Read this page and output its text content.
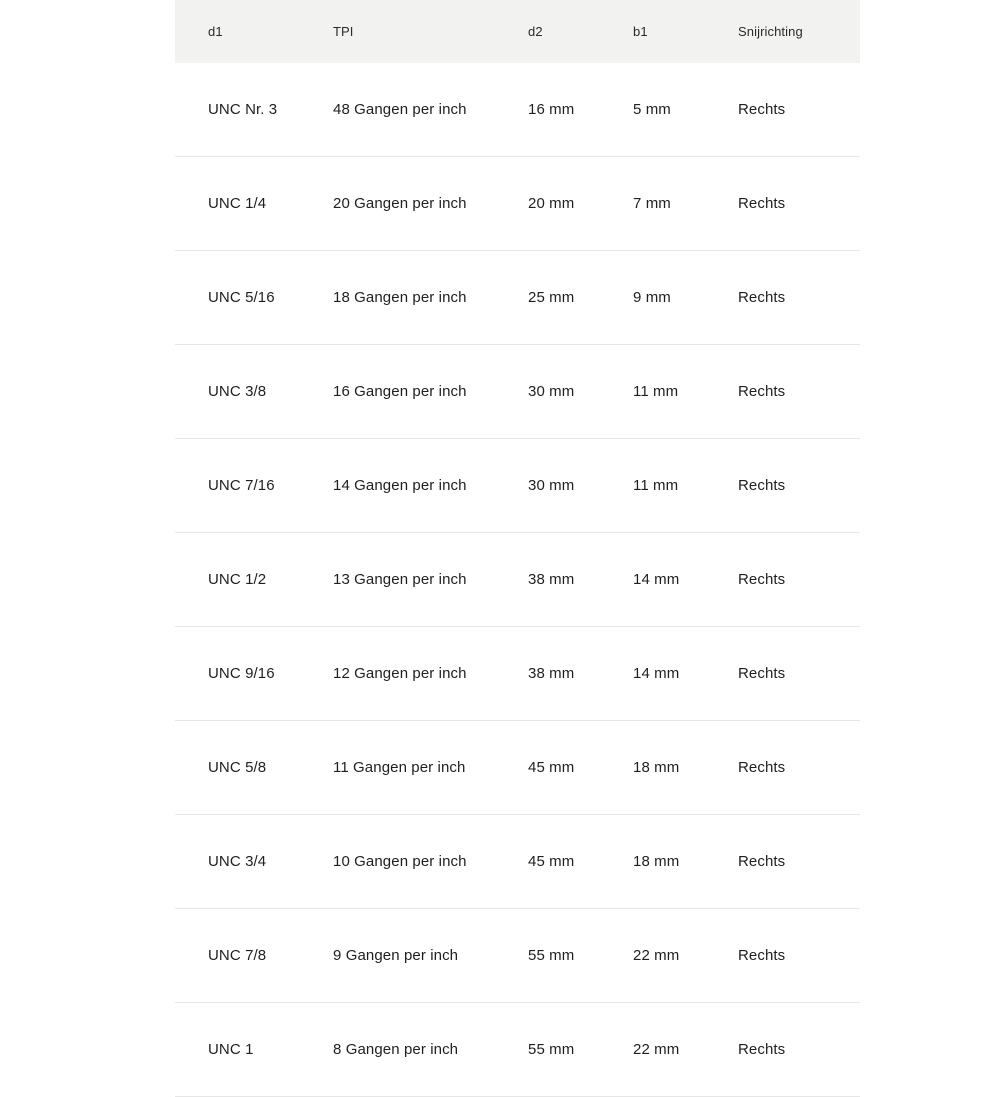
d1	TPI	d2	b1	Snijrichting
UNC Nr. 3	48 Gangen per inch	16 mm	5 mm	Rechts
UNC 1/4	20 Gangen per inch	20 mm	7 mm	Rechts
UNC 5/16	18 Gangen per inch	25 mm	9 mm	Rechts
UNC 3/8	16 Gangen per inch	30 mm	11 mm	Rechts
UNC 7/16	14 Gangen per inch	30 mm	11 mm	Rechts
UNC 1/2	13 Gangen per inch	38 mm	14 mm	Rechts
UNC 9/16	12 Gangen per inch	38 mm	14 mm	Rechts
UNC 5/8	11 Gangen per inch	45 mm	18 mm	Rechts
UNC 3/4	10 Gangen per inch	45 mm	18 mm	Rechts
UNC 7/8	9 Gangen per inch	55 mm	22 mm	Rechts
UNC 1	8 Gangen per inch	55 mm	22 mm	Rechts
